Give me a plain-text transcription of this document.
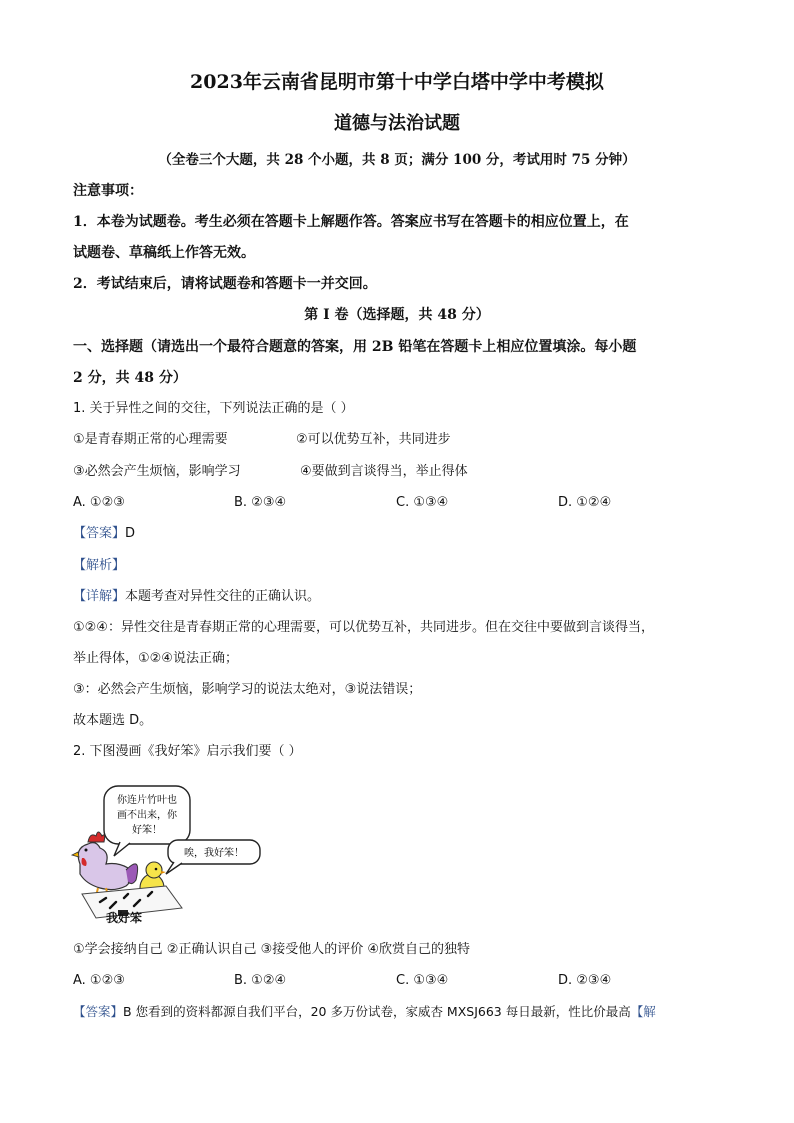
2023年云南省昆明市第十中学白塔中学中考模拟
道德与法治试题
（全卷三个大题，共 28 个小题，共 8 页；满分 100 分，考试用时 75 分钟）
注意事项：
1．本卷为试题卷。考生必须在答题卡上解题作答。答案应书写在答题卡的相应位置上，在
试题卷、草稿纸上作答无效。
2．考试结束后，请将试题卷和答题卡一并交回。
第 I 卷（选择题，共 48 分）
一、选择题（请选出一个最符合题意的答案，用 2B 铅笔在答题卡上相应位置填涂。每小题
2 分，共 48 分）
1. 关于异性之间的交往，下列说法正确的是（ ）
①是青春期正常的心理需要	②可以优势互补，共同进步
③必然会产生烦恼，影响学习	④要做到言谈得当，举止得体
A. ①②③	B. ②③④	C. ①③④	D. ①②④
【答案】D
【解析】
【详解】本题考查对异性交往的正确认识。
①②④：异性交往是青春期正常的心理需要，可以优势互补，共同进步。但在交往中要做到言谈得当，
举止得体，①②④说法正确；
③：必然会产生烦恼，影响学习的说法太绝对，③说法错误；
故本题选 D。
2. 下图漫画《我好笨》启示我们要（ ）
你连片竹叶也
画不出来，你
好笨！
唉，我好笨！
我好笨
①学会接纳自己 ②正确认识自己 ③接受他人的评价 ④欣赏自己的独特
A. ①②③	B. ①②④	C. ①③④	D. ②③④
【答案】B 您看到的资料都源自我们平台，20 多万份试卷，家威杏 MXSJ663 每日最新，性比价最高【解
